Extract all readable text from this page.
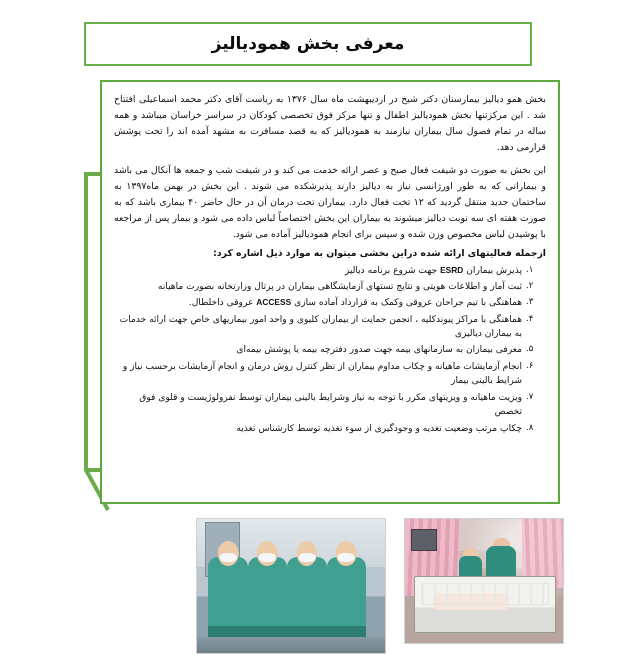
معرفی بخش همودیالیز

بخش همو دیالیز بیمارستان دکتر شیخ در اردیبهشت ماه سال ۱۳۷۶ به ریاست آقای دکتر محمد اسماعیلی افتتاح شد . این مرکزتنها بخش همودیالیز اطفال و تنها مرکز فوق تخصصی کودکان در سراسر خراسان میباشد و همه ساله در تمام فصول سال بیماران نیازمند به همودیالیز که به قصد مسافرت به مشهد آمده اند را تحت پوشش قرارمی دهد.

این بخش به صورت دو شیفت فعال صبح و عصر ارائه خدمت می کند و در شیفت شب و جمعه ها آنکال می باشد و بیمارانی که به طور اورژانسی نیاز به دیالیز دارند پذیرشکده می شوند . این بخش در بهمن ماه۱۳۹۷ به ساختمان جدید منتقل گردید که ۱۲ تخت فعال دارد. بیماران تحت درمان آن در حال حاضر ۴۰ بیماری باشد که به صورت هفته ای سه نوبت دیالیز میشوند به بیماران این بخش اختصاصاً لباس داده می شود و بیمار پس از مراجعه با پوشیدن لباس مخصوص وزن شده و سپس برای انجام همودیالیز آماده می شود.

ازجمله فعالیتهای ارائه شده دراین بخشی میتوان به موارد ذیل اشاره کرد:
پذیرش بیماران ESRD جهت شروع برنامه دیالیز
ثبت آمار و اطلاعات هویتی و نتایج تستهای آزمایشگاهی بیماران در پرتال وزارتخانه بصورت ماهیانه
هماهنگی با تیم جراحان عروقی وکمک به قرارداد آماده سازی ACCESS عروقی داخلطال.
هماهنگی با مراکز پیوندکلیه ، انجمن حمایت از بیماران کلیوی و واحد امور بیماریهای خاص جهت ارائه خدمات به بیماران دیالیزی
معرفی بیماران به سازمانهای بیمه جهت صدور دفترچه بیمه یا پوشش بیمه‌ای
انجام آزمایشات ماهیانه و چکاب مداوم بیماران از نظر کنترل روش درمان و انجام آزمایشات برحسب نیاز و شرایط بالینی بیمار
ویزیت ماهیانه و ویزیتهای مکرر با توجه به نیاز وشرایط بالینی بیماران توسط نفرولوژیست و قلوی فوق تخصص
چکاپ مرتب وضعیت تغذیه و وجودگیری از سوء تغذیه توسط کارشناس تغذیه
